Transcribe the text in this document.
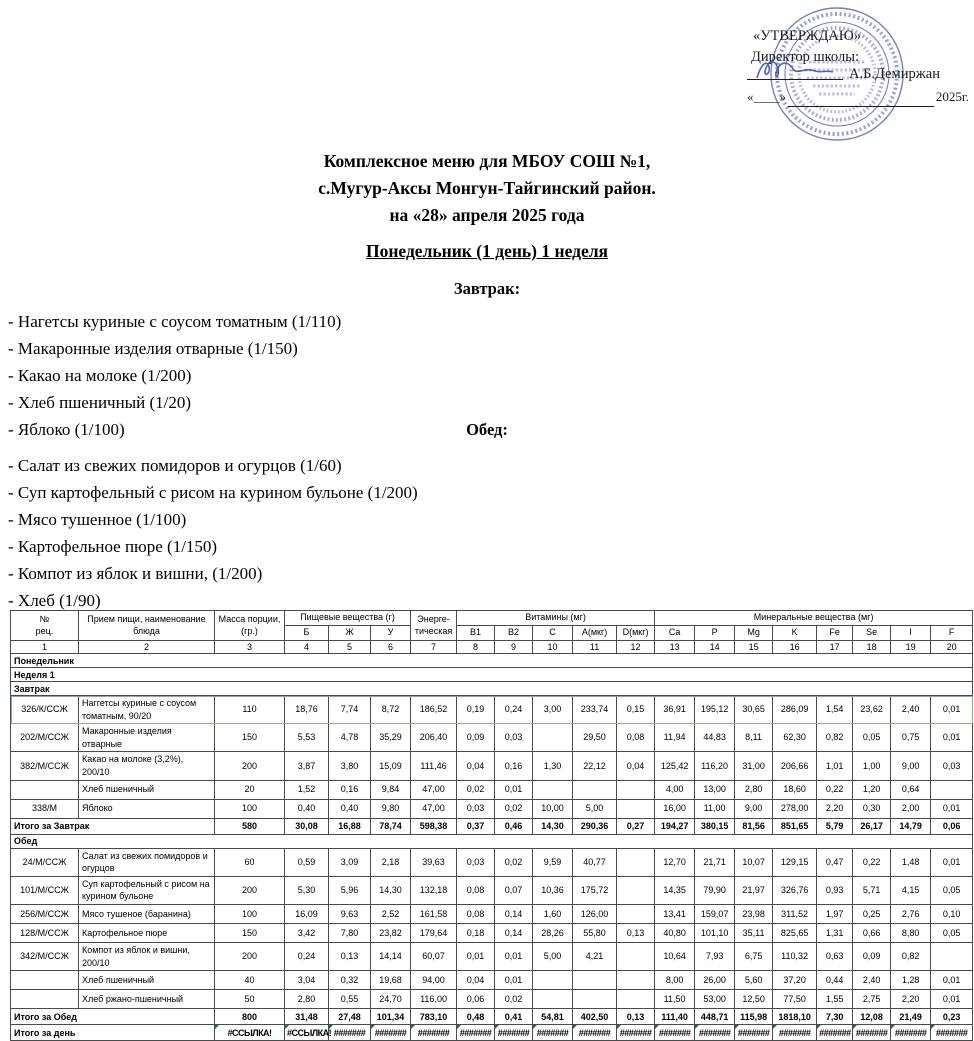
«УТВЕРЖДАЮ»
Директор школы:
А.Б.Демиржан
«____»	2025г.
Комплексное меню для МБОУ СОШ №1,
с.Мугур-Аксы Монгун-Тайгинский район.
на «28» апреля 2025 года
Понедельник (1 день) 1 неделя
Завтрак:
- Нагетсы куриные с соусом томатным (1/110)
- Макаронные изделия отварные (1/150)
- Какао на молоке (1/200)
- Хлеб пшеничный (1/20)
- Яблоко (1/100)	Обед:
- Салат из свежих помидоров и огурцов (1/60)
- Суп картофельный с рисом на курином бульоне (1/200)
- Мясо тушенное (1/100)
- Картофельное пюре (1/150)
- Компот из яблок и вишни, (1/200)
- Хлеб (1/90)
№
рец.

Прием пищи, наименование
блюда

Масса порции,
(гр.)
	Пищевые вещества (г)	Энерге-
тическая
	Витамины (мг)	Минеральные вещества (мг)
			Б	Ж	У		В1	В2	С	А(мкг)	D(мкг)	Ca	P	Mg	K	Fe	Se	I	F
1	2	3	4	5	6	7	8	9	10	11	12	13	14	15	16	17	18	19	20
Понедельник																			
Неделя 1																			
Завтрак																			
326/К/ССЖ	Наггетсы куриные с соусом томатным, 90/20	110	18,76	7,74	8,72	186,52	0,19	0,24	3,00	233,74	0,15	36,91	195,12	30,65	286,09	1,54	23,62	2,40	0,01
202/М/ССЖ	Макаронные изделия отварные	150	5,53	4,78	35,29	206,40	0,09	0,03		29,50	0,08	11,94	44,83	8,11	62,30	0,82	0,05	0,75	0,01
382/М/ССЖ	Какао на молоке (3,2%), 200/10	200	3,87	3,80	15,09	111,46	0,04	0,16	1,30	22,12	0,04	125,42	116,20	31,00	206,66	1,01	1,00	9,00	0,03
	Хлеб пшеничный	20	1,52	0,16	9,84	47,00	0,02	0,01				4,00	13,00	2,80	18,60	0,22	1,20	0,64	
338/М	Яблоко	100	0,40	0,40	9,80	47,00	0,03	0,02	10,00	5,00		16,00	11,00	9,00	278,00	2,20	0,30	2,00	0,01
Итого за Завтрак		580	30,08	16,88	78,74	598,38	0,37	0,46	14,30	290,36	0,27	194,27	380,15	81,56	851,65	5,79	26,17	14,79	0,06
Обед																			
24/М/ССЖ	Салат из свежих помидоров и огурцов	60	0,59	3,09	2,18	39,63	0,03	0,02	9,59	40,77		12,70	21,71	10,07	129,15	0,47	0,22	1,48	0,01
101/М/ССЖ	Суп картофельный с рисом на курином бульоне	200	5,30	5,96	14,30	132,18	0,08	0,07	10,36	175,72		14,35	79,90	21,97	326,76	0,93	5,71	4,15	0,05
256/М/ССЖ	Мясо тушеное (баранина)	100	16,09	9,63	2,52	161,58	0,08	0,14	1,60	126,00		13,41	159,07	23,98	311,52	1,97	0,25	2,76	0,10
128/М/ССЖ	Картофельное пюре	150	3,42	7,80	23,82	179,64	0,18	0,14	28,26	55,80	0,13	40,80	101,10	35,11	825,65	1,31	0,66	8,80	0,05
342/М/ССЖ	Компот из яблок и вишни, 200/10	200	0,24	0,13	14,14	60,07	0,01	0,01	5,00	4,21		10,64	7,93	6,75	110,32	0,63	0,09	0,82	
	Хлеб пшеничный	40	3,04	0,32	19,68	94,00	0,04	0,01				8,00	26,00	5,60	37,20	0,44	2,40	1,28	0,01
	Хлеб ржано-пшеничный	50	2,80	0,55	24,70	116,00	0,06	0,02				11,50	53,00	12,50	77,50	1,55	2,75	2,20	0,01
Итого за Обед		800	31,48	27,48	101,34	783,10	0,48	0,41	54,81	402,50	0,13	111,40	448,71	115,98	1818,10	7,30	12,08	21,49	0,23
Итого за день		#ССЫЛКА!	#ССЫЛКА!	#######	#######	#######	#######	#######	#######	#######	#######	#######	#######	#######	#######	#######	#######	#######	#######
